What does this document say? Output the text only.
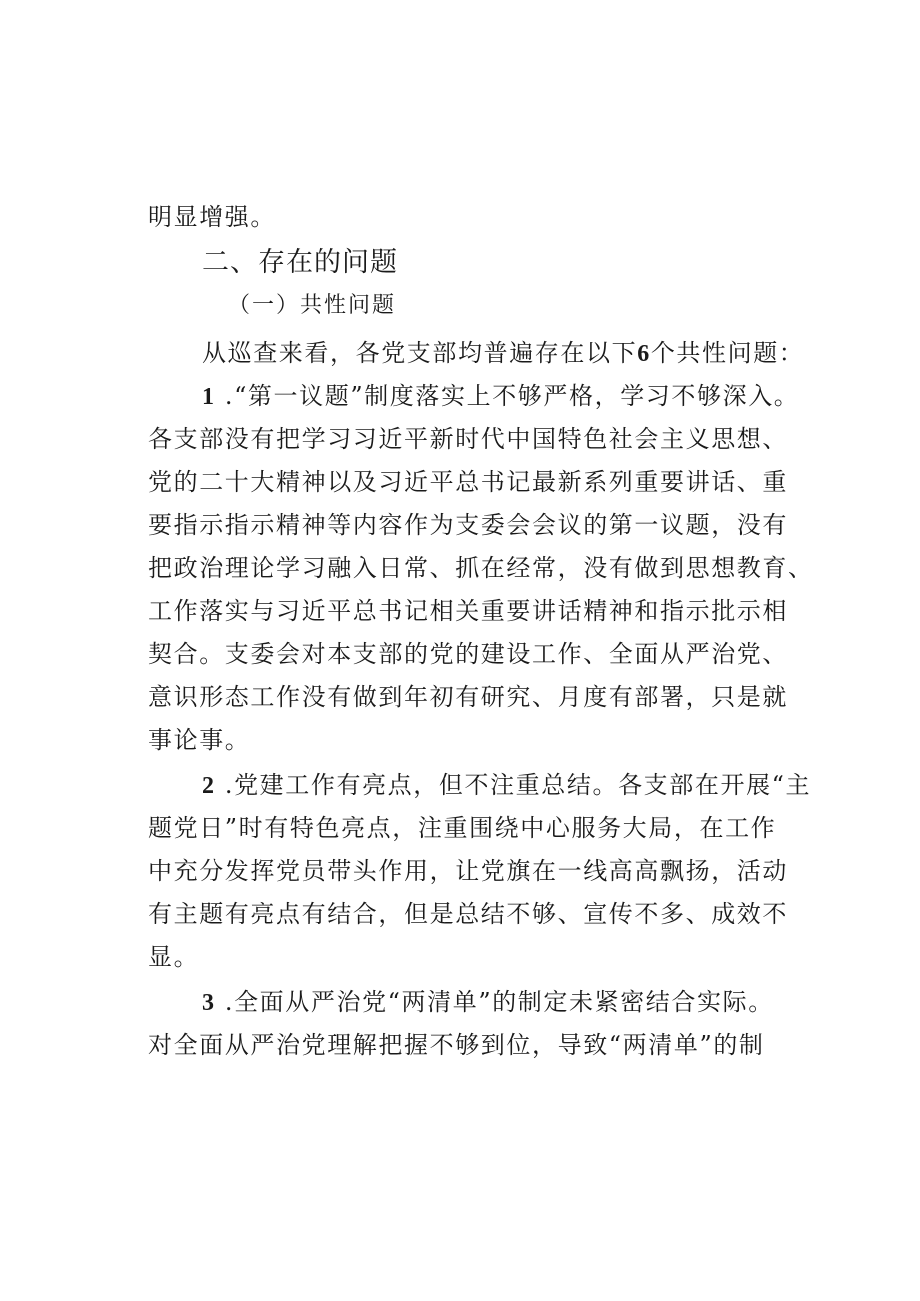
明显增强。
二、存在的问题
（一）共性问题
从巡查来看，各党支部均普遍存在以下6个共性问题：
1 .“第一议题”制度落实上不够严格，学习不够深入。
各支部没有把学习习近平新时代中国特色社会主义思想、
党的二十大精神以及习近平总书记最新系列重要讲话、重
要指示指示精神等内容作为支委会会议的第一议题，没有
把政治理论学习融入日常、抓在经常，没有做到思想教育、
工作落实与习近平总书记相关重要讲话精神和指示批示相
契合。支委会对本支部的党的建设工作、全面从严治党、
意识形态工作没有做到年初有研究、月度有部署，只是就
事论事。
2 .党建工作有亮点，但不注重总结。各支部在开展“主
题党日”时有特色亮点，注重围绕中心服务大局，在工作
中充分发挥党员带头作用，让党旗在一线高高飘扬，活动
有主题有亮点有结合，但是总结不够、宣传不多、成效不
显。
3 .全面从严治党“两清单”的制定未紧密结合实际。
对全面从严治党理解把握不够到位，导致“两清单”的制
